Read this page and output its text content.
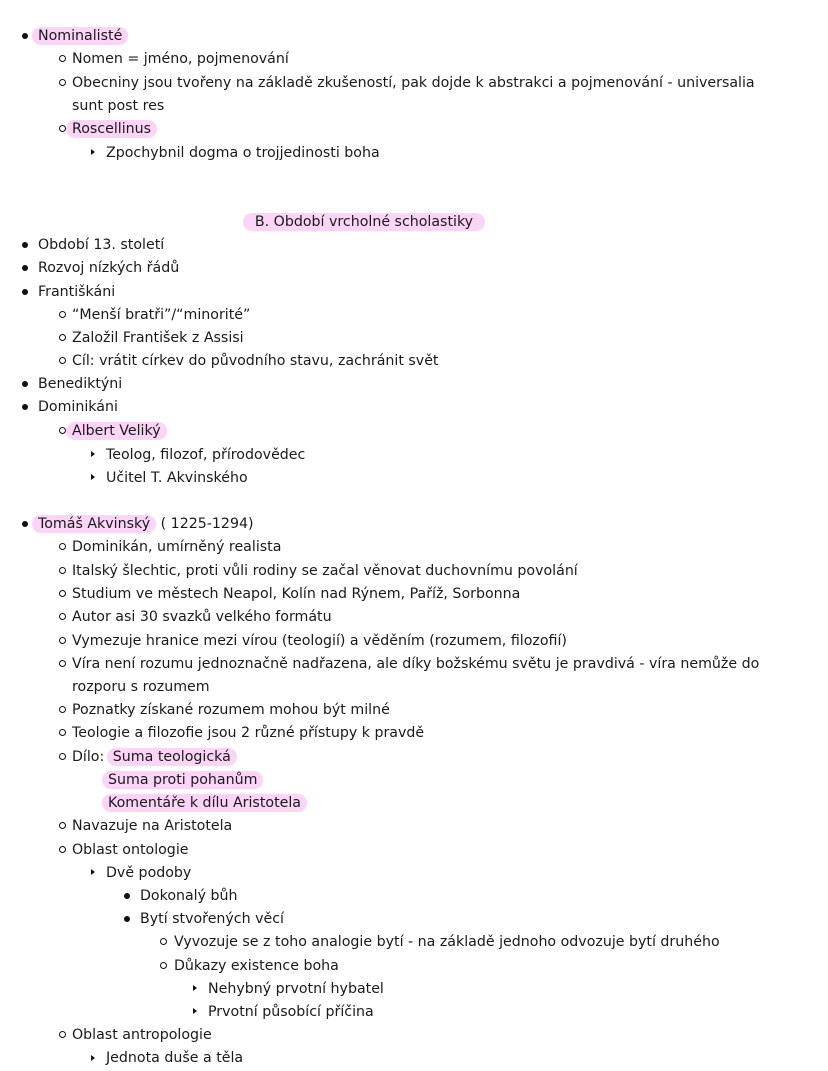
Nominalisté
Nomen = jméno, pojmenování
Obecniny jsou tvořeny na základě zkušeností, pak dojde k abstrakci a pojmenování - universalia
sunt post res
Roscellinus
Zpochybnil dogma o trojjedinosti boha
B. Období vrcholné scholastiky
Období 13. století
Rozvoj nízkých řádů
Františkáni
“Menší bratři”/“minorité”
Založil František z Assisi
Cíl: vrátit církev do původního stavu, zachránit svět
Benediktýni
Dominikáni
Albert Veliký
Teolog, filozof, přírodovědec
Učitel T. Akvinského
Tomáš Akvinský ( 1225-1294)
Dominikán, umírněný realista
Italský šlechtic, proti vůli rodiny se začal věnovat duchovnímu povolání
Studium ve městech Neapol, Kolín nad Rýnem, Paříž, Sorbonna
Autor asi 30 svazků velkého formátu
Vymezuje hranice mezi vírou (teologií) a věděním (rozumem, filozofií)
Víra není rozumu jednoznačně nadřazena, ale díky božskému světu je pravdivá - víra nemůže do
rozporu s rozumem
Poznatky získané rozumem mohou být milné
Teologie a filozofie jsou 2 různé přístupy k pravdě
Dílo: Suma teologická
Suma proti pohanům
Komentáře k dílu Aristotela
Navazuje na Aristotela
Oblast ontologie
Dvě podoby
Dokonalý bůh
Bytí stvořených věcí
Vyvozuje se z toho analogie bytí - na základě jednoho odvozuje bytí druhého
Důkazy existence boha
Nehybný prvotní hybatel
Prvotní působící příčina
Oblast antropologie
Jednota duše a těla
